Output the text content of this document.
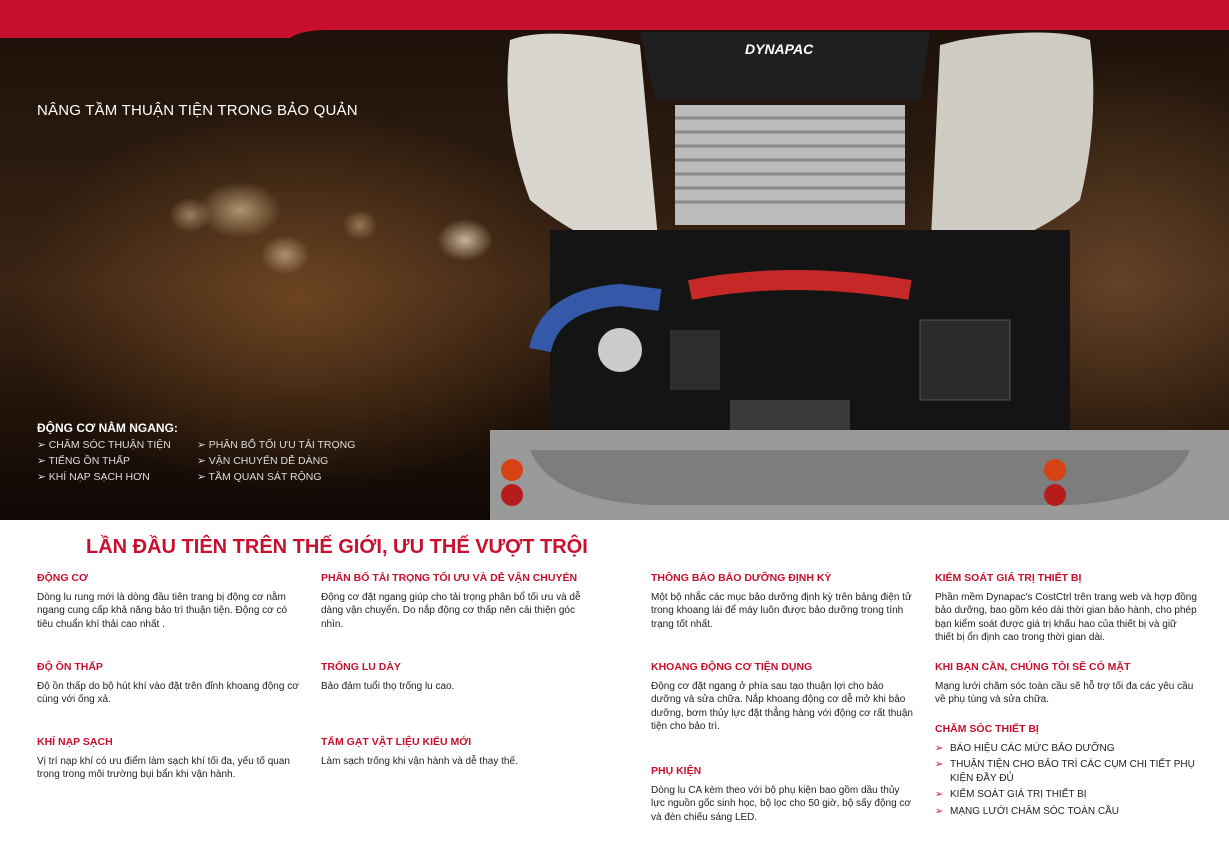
NÂNG TẦM THUẬN TIỆN TRONG BẢO QUẢN
DYNAPAC
ĐỘNG CƠ NẰM NGANG:
➢ CHĂM SÓC THUẬN TIỆN	➢ PHÂN BỔ TỐI ƯU TẢI TRỌNG
➢ TIẾNG ỒN THẤP	➢ VẬN CHUYỂN DỄ DÀNG
➢ KHÍ NẠP SẠCH HƠN	➢ TẦM QUAN SÁT RỘNG
LẦN ĐẦU TIÊN TRÊN THẾ GIỚI, ƯU THẾ VƯỢT TRỘI
ĐỘNG CƠ

Dòng lu rung mới là dòng đầu tiên trang bị động cơ nằm ngang cung cấp khả năng bảo trì thuận tiện. Động cơ có tiêu chuẩn khí thải cao nhất .

ĐỘ ỒN THẤP

Độ ồn thấp do bộ hút khí vào đặt trên đỉnh khoang động cơ cùng với ống xả.

KHÍ NẠP SẠCH

Vị trí nạp khí có ưu điểm làm sạch khí tối đa, yếu tố quan trọng trong môi trường bụi bẩn khi vận hành.

PHÂN BỐ TẢI TRỌNG TỐI ƯU VÀ DỄ VẬN CHUYỂN

Động cơ đặt ngang giúp cho tải trọng phân bổ tối ưu và dễ dàng vận chuyển. Do nắp động cơ thấp nên cải thiện góc nhìn.

TRỐNG LU DÀY

Bảo đảm tuổi thọ trống lu cao.

TẤM GẠT VẬT LIỆU KIỂU MỚI

Làm sạch trống khi vận hành và dễ thay thế.

THÔNG BÁO BẢO DƯỠNG ĐỊNH KỲ

Một bộ nhắc các mục bảo dưỡng định kỳ trên bảng điện tử trong khoang lái để máy luôn được bảo dưỡng trong tình trạng tốt nhất.

KHOANG ĐỘNG CƠ TIỆN DỤNG

Động cơ đặt ngang ở phía sau tạo thuận lợi cho bảo dưỡng và sửa chữa. Nắp khoang động cơ dễ mở khi bảo dưỡng, bơm thủy lực đặt thẳng hàng với động cơ rất thuận tiện cho bảo trì.

PHỤ KIỆN

Dòng lu CA kèm theo với bộ phụ kiện bao gồm dầu thủy lực nguồn gốc sinh học, bộ lọc cho 50 giờ, bộ sấy động cơ và đèn chiếu sáng LED.

KIỂM SOÁT GIÁ TRỊ THIẾT BỊ

Phần mềm Dynapac's CostCtrl trên trang web và hợp đồng bảo dưỡng, bao gồm kéo dài thời gian bảo hành, cho phép bạn kiểm soát được giá trị khấu hao của thiết bị và giữ thiết bị ổn định cao trong thời gian dài.

KHI BẠN CẦN, CHÚNG TÔI SẼ CÓ MẶT

Mạng lưới chăm sóc toàn cầu sẽ hỗ trợ tối đa các yêu cầu về phụ tùng và sửa chữa.

CHĂM SÓC THIẾT BỊ
➢ BÁO HIỆU CÁC MỨC BẢO DƯỠNG
➢ THUẬN TIỆN CHO BẢO TRÌ CÁC CỤM CHI TIẾT PHỤ KIỆN ĐẦY ĐỦ
➢ KIỂM SOÁT GIÁ TRỊ THIẾT BỊ
➢ MẠNG LƯỚI CHĂM SÓC TOÀN CẦU
